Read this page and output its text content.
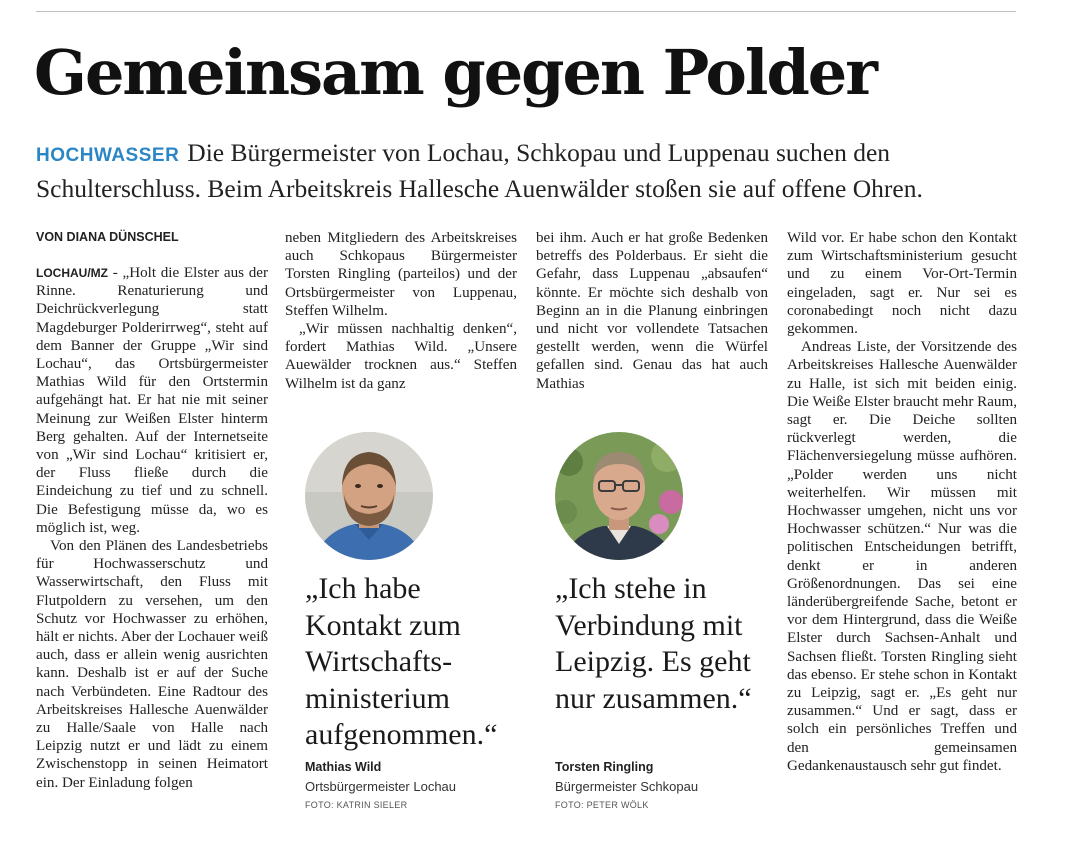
Gemeinsam gegen Polder
HOCHWASSER Die Bürgermeister von Lochau, Schkopau und Luppenau suchen den Schulterschluss. Beim Arbeitskreis Hallesche Auenwälder stoßen sie auf offene Ohren.
VON DIANA DÜNSCHEL

LOCHAU/MZ - „Holt die Elster aus der Rinne. Renaturierung und Deichrückverlegung statt Magdeburger Polderirrweg“, steht auf dem Banner der Gruppe „Wir sind Lochau“, das Ortsbürgermeister Mathias Wild für den Ortstermin aufgehängt hat. Er hat nie mit seiner Meinung zur Weißen Elster hinterm Berg gehalten. Auf der Internetseite von „Wir sind Lochau“ kritisiert er, der Fluss fließe durch die Eindeichung zu tief und zu schnell. Die Befestigung müsse da, wo es möglich ist, weg.

Von den Plänen des Landesbetriebs für Hochwasserschutz und Wasserwirtschaft, den Fluss mit Flutpoldern zu versehen, um den Schutz vor Hochwasser zu erhöhen, hält er nichts. Aber der Lochauer weiß auch, dass er allein wenig ausrichten kann. Deshalb ist er auf der Suche nach Verbündeten. Eine Radtour des Arbeitskreises Hallesche Auenwälder zu Halle/Saale von Halle nach Leipzig nutzt er und lädt zu einem Zwischenstopp in seinen Heimatort ein. Der Einladung folgen

neben Mitgliedern des Arbeitskreises auch Schkopaus Bürgermeister Torsten Ringling (parteilos) und der Ortsbürgermeister von Luppenau, Steffen Wilhelm.

„Wir müssen nachhaltig denken“, fordert Mathias Wild. „Unsere Auewälder trocknen aus.“ Steffen Wilhelm ist da ganz

bei ihm. Auch er hat große Bedenken betreffs des Polderbaus. Er sieht die Gefahr, dass Luppenau „absaufen“ könnte. Er möchte sich deshalb von Beginn an in die Planung einbringen und nicht vor vollendete Tatsachen gestellt werden, wenn die Würfel gefallen sind. Genau das hat auch Mathias

Wild vor. Er habe schon den Kontakt zum Wirtschaftsministerium gesucht und zu einem Vor-Ort-Termin eingeladen, sagt er. Nur sei es coronabedingt noch nicht dazu gekommen.

Andreas Liste, der Vorsitzende des Arbeitskreises Hallesche Auenwälder zu Halle, ist sich mit beiden einig. Die Weiße Elster braucht mehr Raum, sagt er. Die Deiche sollten rückverlegt werden, die Flächenversiegelung müsse aufhören. „Polder werden uns nicht weiterhelfen. Wir müssen mit Hochwasser umgehen, nicht uns vor Hochwasser schützen.“ Nur was die politischen Entscheidungen betrifft, denkt er in anderen Größenordnungen. Das sei eine länderübergreifende Sache, betont er vor dem Hintergrund, dass die Weiße Elster durch Sachsen-Anhalt und Sachsen fließt. Torsten Ringling sieht das ebenso. Er stehe schon in Kontakt zu Leipzig, sagt er. „Es geht nur zusammen.“ Und er sagt, dass er solch ein persönliches Treffen und den gemeinsamen Gedankenaustausch sehr gut findet.

„Ich habe Kontakt zum Wirtschaftsministerium aufgenommen.“
Mathias Wild
Ortsbürgermeister Lochau
FOTO: KATRIN SIELER
„Ich stehe in Verbindung mit Leipzig. Es geht nur zusammen.“
Torsten Ringling
Bürgermeister Schkopau
FOTO: PETER WÖLK
